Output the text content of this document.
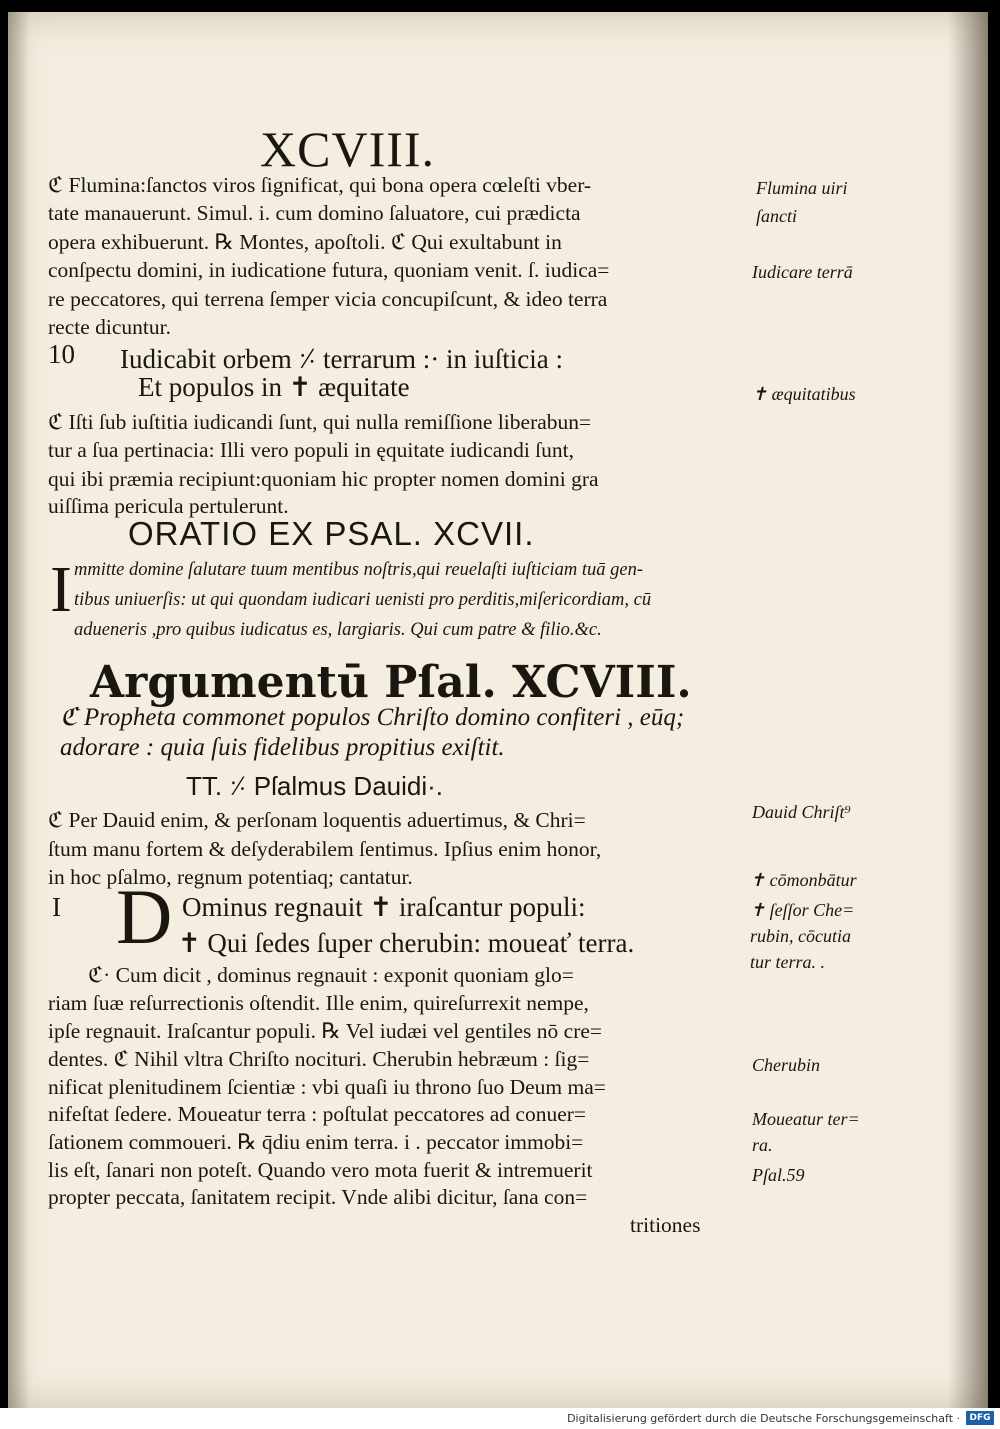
XCVIII.
ℭ Flumina:ſanctos viros ſignificat, qui bona opera cœleſti vber-
tate manauerunt. Simul. i. cum domino ſaluatore, cui prædicta
opera exhibuerunt. ℞ Montes, apoſtoli. ℭ Qui exultabunt in
conſpectu domini, in iudicatione futura, quoniam venit. ſ. iudica=
re peccatores, qui terrena ſemper vicia concupiſcunt, & ideo terra
recte dicuntur.
10 Iudicabit orbem ⸓ terrarum :· in iuſticia :
Et populos in ✝ æquitate
ℭ Iſti ſub iuſtitia iudicandi ſunt, qui nulla remiſſione liberabun=
tur a ſua pertinacia: Illi vero populi in ęquitate iudicandi ſunt,
qui ibi præmia recipiunt:quoniam hic propter nomen domini gra
uiſſima pericula pertulerunt.
ORATIO EX PSAL. XCVII.
I mmitte domine ſalutare tuum mentibus noſtris,qui reuelaſti iuſticiam tuā gen-
tibus uniuerſis: ut qui quondam iudicari uenisti pro perditis,miſericordiam, cū
adueneris ,pro quibus iudicatus es, largiaris. Qui cum patre & filio.&c.
Argumentū Pſal. XCVIII.
ℭ Propheta commonet populos Chriſto domino confiteri , eūq;
adorare : quia ſuis fidelibus propitius exiſtit.
TT. ⸓ Pſalmus Dauidi·.
ℭ Per Dauid enim, & perſonam loquentis aduertimus, & Chri=
ſtum manu fortem & deſyderabilem ſentimus. Ipſius enim honor,
in hoc pſalmo, regnum potentiaq; cantatur.
I D Ominus regnauit ✝ iraſcantur populi:
✝ Qui ſedes ſuper cherubin: moueať terra.
ℭ· Cum dicit , dominus regnauit : exponit quoniam glo=
riam ſuæ reſurrectionis oſtendit. Ille enim, quireſurrexit nempe,
ipſe regnauit. Iraſcantur populi. ℞ Vel iudæi vel gentiles nō cre=
dentes. ℭ Nihil vltra Chriſto nocituri. Cherubin hebræum : ſig=
nificat plenitudinem ſcientiæ : vbi quaſi iu throno ſuo Deum ma=
nifeſtat ſedere. Moueatur terra : poſtulat peccatores ad conuer=
ſationem commoueri. ℞ q̄diu enim terra. i . peccator immobi=
lis eſt, ſanari non poteſt. Quando vero mota fuerit & intremuerit
propter peccata, ſanitatem recipit. Vnde alibi dicitur, ſana con=
tritiones
Flumina uiri
ſancti
Iudicare terrā
✝ æquitatibus
Dauid Chriſt⁹
✝ cōmonbātur
✝ ſeſſor Che=
rubin, cōcutia
tur terra. .
Cherubin
Moueatur ter=
ra.
Pſal.59
Digitalisierung gefördert durch die Deutsche Forschungsgemeinschaft ·	DFG
